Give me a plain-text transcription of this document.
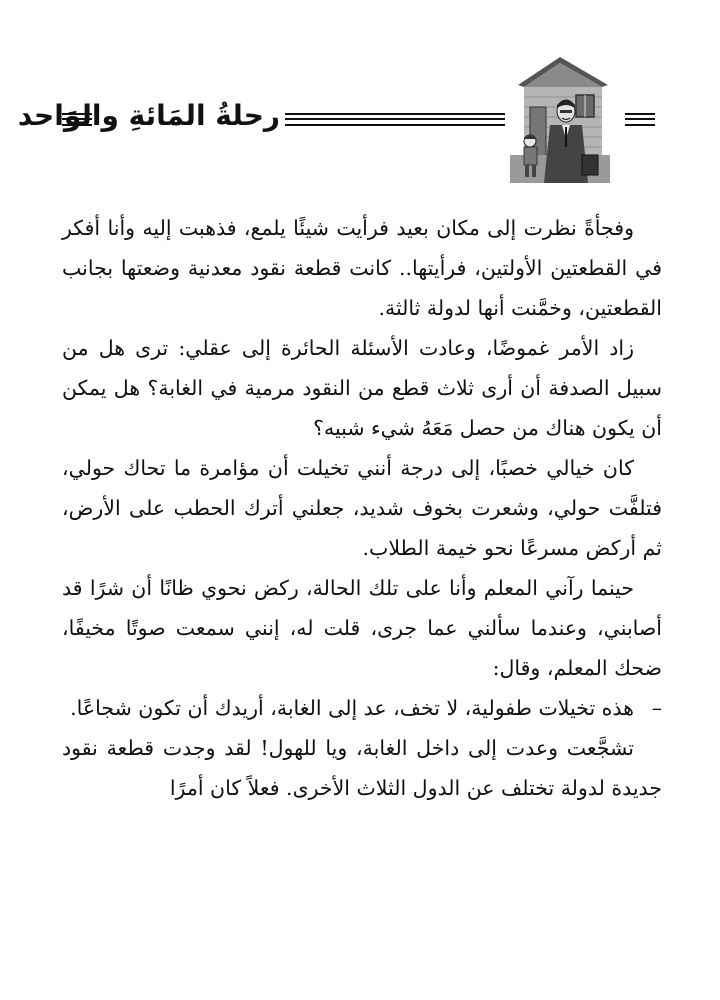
رحلةُ المَائةِ والوَاحد

وفجأةً نظرت إلى مكان بعيد فرأيت شيئًا يلمع، فذهبت إليه وأنا أفكر في القطعتين الأولتين، فرأيتها.. كانت قطعة نقود معدنية وضعتها بجانب القطعتين، وخمَّنت أنها لدولة ثالثة.

زاد الأمر غموضًا، وعادت الأسئلة الحائرة إلى عقلي: ترى هل من سبيل الصدفة أن أرى ثلاث قطع من النقود مرمية في الغابة؟ هل يمكن أن يكون هناك من حصل مَعَهُ شيء شبيه؟

كان خيالي خصبًا، إلى درجة أنني تخيلت أن مؤامرة ما تحاك حولي، فتلفَّت حولي، وشعرت بخوف شديد، جعلني أترك الحطب على الأرض، ثم أركض مسرعًا نحو خيمة الطلاب.

حينما رآني المعلم وأنا على تلك الحالة، ركض نحوي ظانًا أن شرًا قد أصابني، وعندما سألني عما جرى، قلت له، إنني سمعت صوتًا مخيفًا، ضحك المعلم، وقال:

–هذه تخيلات طفولية، لا تخف، عد إلى الغابة، أريدك أن تكون شجاعًا.

تشجَّعت وعدت إلى داخل الغابة، ويا للهول! لقد وجدت قطعة نقود جديدة لدولة تختلف عن الدول الثلاث الأخرى. فعلاً كان أمرًا
